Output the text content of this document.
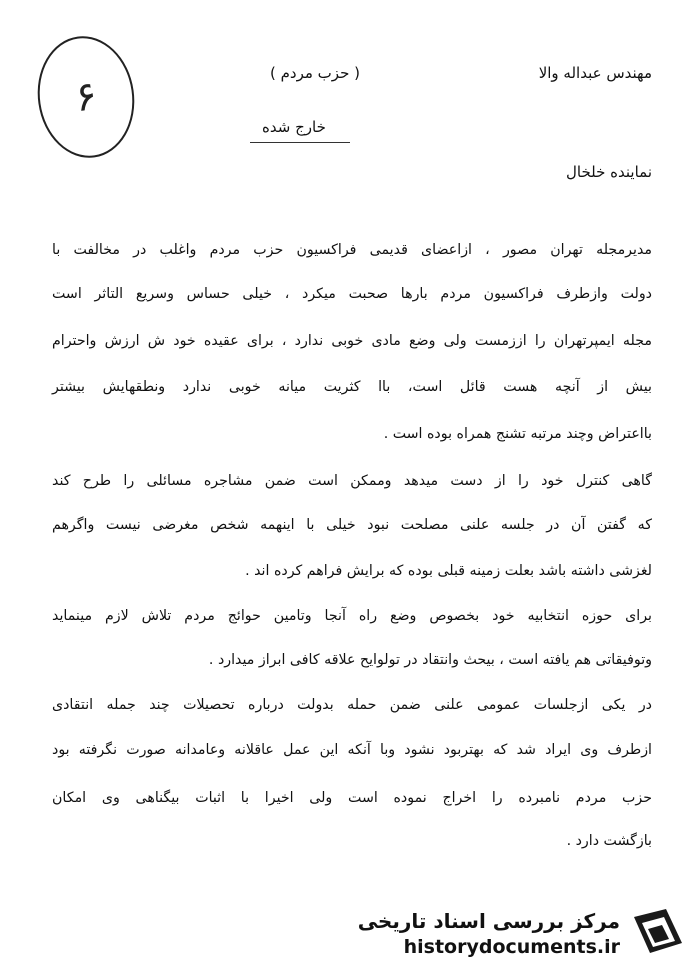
۶	مهندس عبداله والا
( حزب مردم )
خارج شده
نماینده خلخال
مدیرمجله تهران مصور ، ازاعضای قدیمی فراکسیون حزب مردم واغلب در مخالفت با
دولت وازطرف فراکسیون مردم بارها صحبت میکرد ، خیلی حساس وسریع التاثر است
مجله ایمپرتهران را اززمست ولی وضع مادی خوبی ندارد ، برای عقیده خود ش ارزش واحترام
بیش از آنچه هست قائل است، باا کثریت میانه خوبی ندارد ونطقهایش بیشتر
بااعتراض وچند مرتبه تشنج همراه بوده است .
گاهی کنترل خود را از دست میدهد وممکن است ضمن مشاجره مسائلی را طرح کند
که گفتن آن در جلسه علنی مصلحت نبود خیلی با اینهمه شخص مغرضی نیست واگرهم
لغزشی داشته باشد بعلت زمینه قبلی بوده که برایش فراهم کرده اند .
برای حوزه انتخابیه خود بخصوص وضع راه آنجا وتامین حوائج مردم تلاش لازم مینماید
وتوفیقاتی هم یافته است ، بیحث وانتقاد در تولوایح علاقه کافی ابراز میدارد .
در یکی ازجلسات عمومی علنی ضمن حمله بدولت درباره تحصیلات چند جمله انتقادی
ازطرف وی ایراد شد که بهتربود نشود وبا آنکه این عمل عاقلانه وعامدانه صورت نگرفته بود
حزب مردم نامبرده را اخراج نموده است ولی اخیرا با اثبات بیگناهی وی امکان
بازگشت دارد .
مرکز بررسی اسناد تاریخی
historydocuments.ir
